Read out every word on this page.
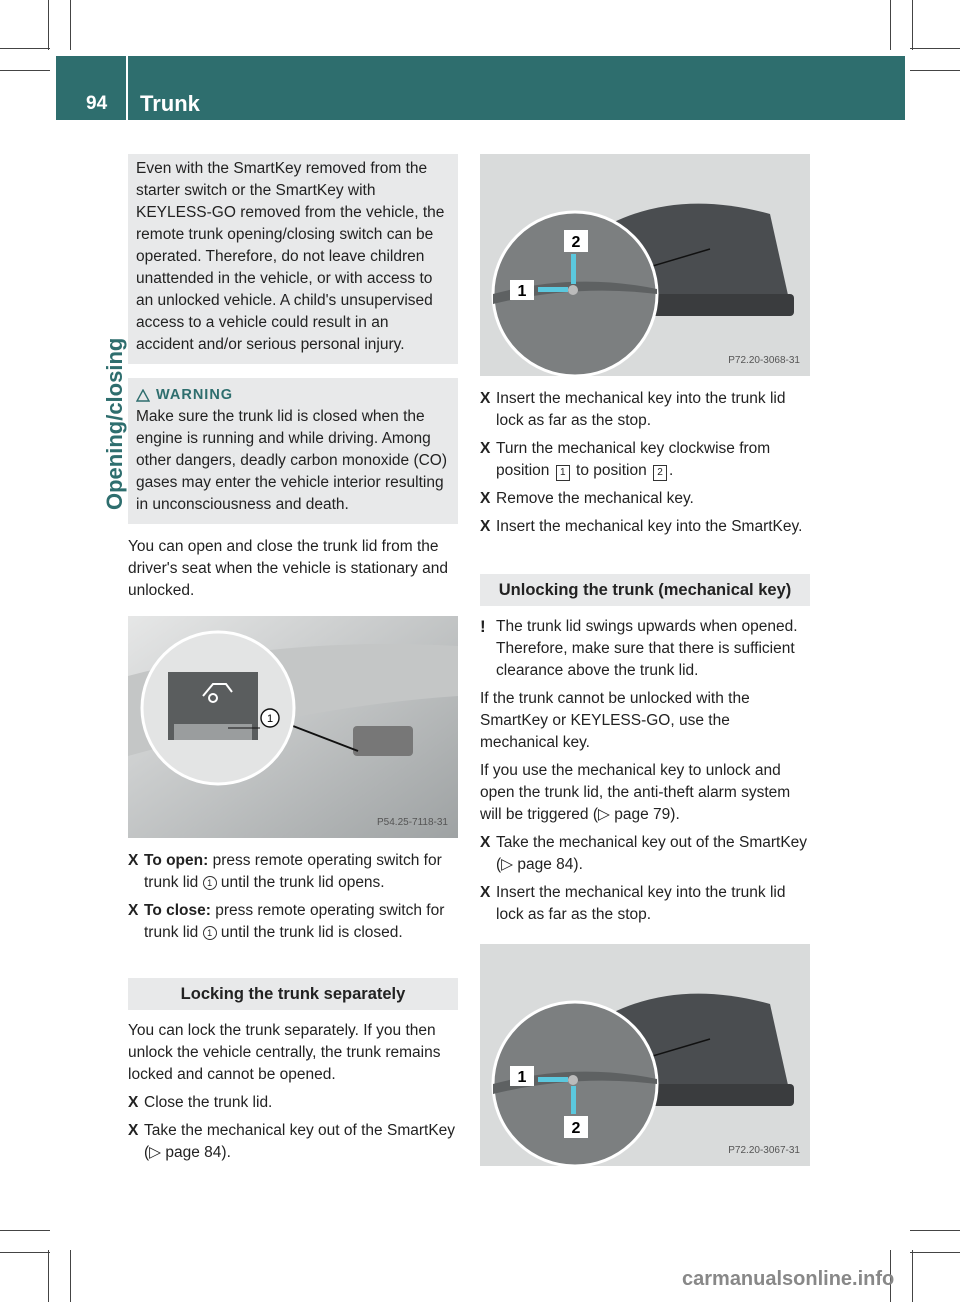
94 Trunk
Opening/closing

Even with the SmartKey removed from the starter switch or the SmartKey with KEYLESS-GO removed from the vehicle, the remote trunk opening/closing switch can be operated. Therefore, do not leave children unattended in the vehicle, or with access to an unlocked vehicle. A child's unsupervised access to a vehicle could result in an accident and/or serious personal injury.

WARNING

Make sure the trunk lid is closed when the engine is running and while driving. Among other dangers, deadly carbon monoxide (CO) gases may enter the vehicle interior resulting in unconsciousness and death.

You can open and close the trunk lid from the driver's seat when the vehicle is stationary and unlocked.

1
P54.25-7118-31
X To open: press remote operating switch for trunk lid 1 until the trunk lid opens.
X To close: press remote operating switch for trunk lid 1 until the trunk lid is closed.
Locking the trunk separately

You can lock the trunk separately. If you then unlock the vehicle centrally, the trunk remains locked and cannot be opened.

X Close the trunk lid.
X Take the mechanical key out of the SmartKey (▷ page 84).
1
2
P72.20-3068-31
X Insert the mechanical key into the trunk lid lock as far as the stop.
X Turn the mechanical key clockwise from position 1 to position 2 .
X Remove the mechanical key.
X Insert the mechanical key into the SmartKey.
Unlocking the trunk (mechanical key)
! The trunk lid swings upwards when opened. Therefore, make sure that there is sufficient clearance above the trunk lid.

If the trunk cannot be unlocked with the SmartKey or KEYLESS-GO, use the mechanical key.

If you use the mechanical key to unlock and open the trunk lid, the anti-theft alarm system will be triggered (▷ page 79).

X Take the mechanical key out of the SmartKey (▷ page 84).
X Insert the mechanical key into the trunk lid lock as far as the stop.
1
2
P72.20-3067-31
carmanualsonline.info
